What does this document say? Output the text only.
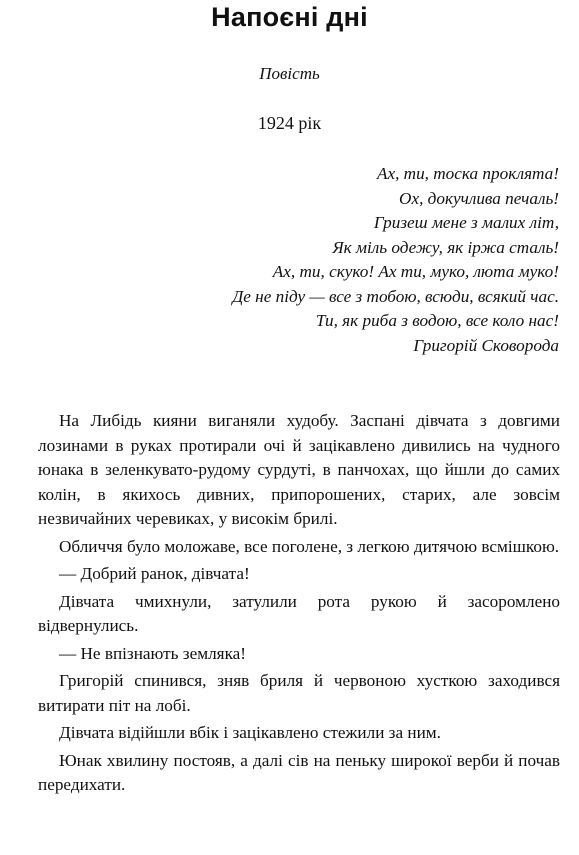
Напоєні дні
Повість
1924 рік
Ах, ти, тоска проклята!
Ох, докучлива печаль!
Гризеш мене з малих літ,
Як міль одежу, як іржа сталь!
Ах, ти, скуко! Ах ти, муко, люта муко!
Де не піду — все з тобою, всюди, всякий час.
Ти, як риба з водою, все коло нас!
Григорій Сковорода

На Либідь кияни виганяли худобу. Заспані дівчата з довгими лозинами в руках протирали очі й зацікавлено дивились на чудного юнака в зеленкувато-рудому сурдуті, в панчохах, що йшли до самих колін, в якихось дивних, припорошених, старих, але зовсім незвичайних черевиках, у високім брилі.

Обличчя було моложаве, все поголене, з легкою дитячою всмішкою.

— Добрий ранок, дівчата!

Дівчата чмихнули, затулили рота рукою й засоромлено відвернулись.

— Не впізнають земляка!

Григорій спинився, зняв бриля й червоною хусткою заходився витирати піт на лобі.

Дівчата відійшли вбік і зацікавлено стежили за ним.

Юнак хвилину постояв, а далі сів на пеньку широкої верби й почав передихати.
